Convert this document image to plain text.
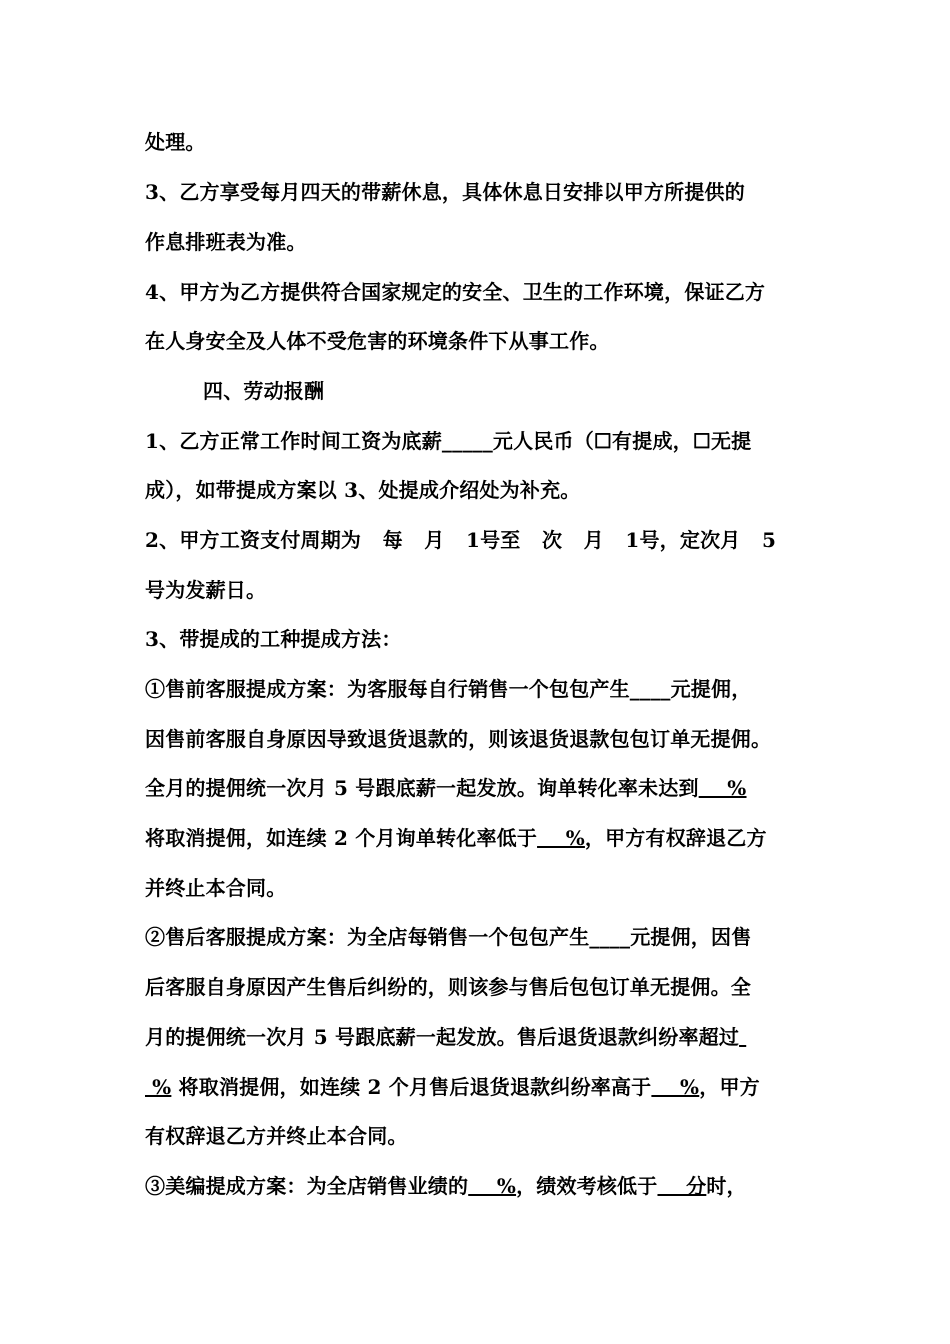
处理。
3、乙方享受每月四天的带薪休息，具体休息日安排以甲方所提供的
作息排班表为准。
4、甲方为乙方提供符合国家规定的安全、卫生的工作环境，保证乙方
在人身安全及人体不受危害的环境条件下从事工作。
四、劳动报酬
1、乙方正常工作时间工资为底薪_____元人民币（☐有提成，☐无提
成），如带提成方案以 3、处提成介绍处为补充。
2、甲方工资支付周期为   每   月   1号至   次   月   1号，定次月   5
号为发薪日。
3、带提成的工种提成方法：
①售前客服提成方案：为客服每自行销售一个包包产生____元提佣，
因售前客服自身原因导致退货退款的，则该退货退款包包订单无提佣。
全月的提佣统一次月 5 号跟底薪一起发放。询单转化率未达到    %
将取消提佣，如连续 2 个月询单转化率低于    %，甲方有权辞退乙方
并终止本合同。
②售后客服提成方案：为全店每销售一个包包产生____元提佣，因售
后客服自身原因产生售后纠纷的，则该参与售后包包订单无提佣。全
月的提佣统一次月 5 号跟底薪一起发放。售后退货退款纠纷率超过
% 将取消提佣，如连续 2 个月售后退货退款纠纷率高于    %，甲方
有权辞退乙方并终止本合同。
③美编提成方案：为全店销售业绩的    %，绩效考核低于    分时，
